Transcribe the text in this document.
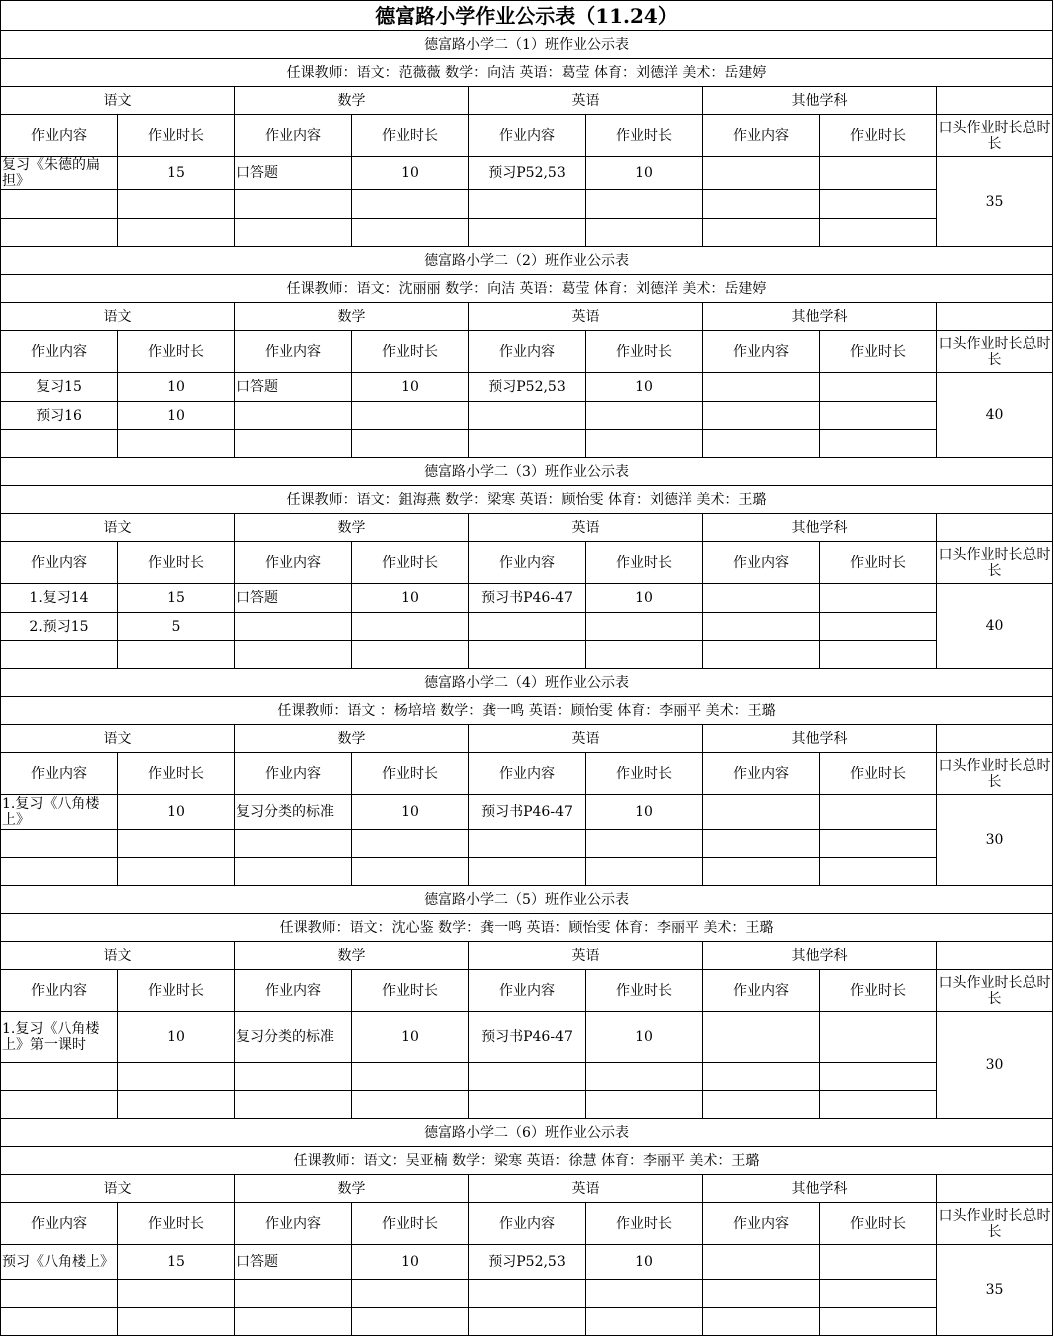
德富路小学作业公示表（11.24）								
德富路小学二（1）班作业公示表								
任课教师：语文：范薇薇 数学：向洁 英语：葛莹 体育：刘德洋 美术：岳建婷								
语文		数学		英语		其他学科		
作业内容	作业时长	作业内容	作业时长	作业内容	作业时长	作业内容	作业时长	口头作业时长总时长
复习《朱德的扁担》	15	口答题	10	预习P52,53	10			35

德富路小学二（2）班作业公示表								
任课教师：语文：沈丽丽 数学：向洁 英语：葛莹 体育：刘德洋 美术：岳建婷								
语文		数学		英语		其他学科		
作业内容	作业时长	作业内容	作业时长	作业内容	作业时长	作业内容	作业时长	口头作业时长总时长
复习15	10	口答题	10	预习P52,53	10			40
预习16	10							

德富路小学二（3）班作业公示表								
任课教师：语文：鉏海燕 数学：梁寒 英语：顾怡雯 体育：刘德洋 美术：王璐								
语文		数学		英语		其他学科		
作业内容	作业时长	作业内容	作业时长	作业内容	作业时长	作业内容	作业时长	口头作业时长总时长
1.复习14	15	口答题	10	预习书P46-47	10			40
2.预习15	5							

德富路小学二（4）班作业公示表								
任课教师：语文 ：杨培培 数学：龚一鸣 英语：顾怡雯 体育：李丽平 美术：王璐								
语文		数学		英语		其他学科		
作业内容	作业时长	作业内容	作业时长	作业内容	作业时长	作业内容	作业时长	口头作业时长总时长
1.复习《八角楼上》	10	复习分类的标准	10	预习书P46-47	10			30

德富路小学二（5）班作业公示表								
任课教师：语文：沈心鉴 数学：龚一鸣 英语：顾怡雯 体育：李丽平 美术：王璐								
语文		数学		英语		其他学科		
作业内容	作业时长	作业内容	作业时长	作业内容	作业时长	作业内容	作业时长	口头作业时长总时长
1.复习《八角楼上》第一课时	10	复习分类的标准	10	预习书P46-47	10			30

德富路小学二（6）班作业公示表								
任课教师：语文：吴亚楠 数学：梁寒 英语：徐慧 体育：李丽平 美术：王璐								
语文		数学		英语		其他学科		
作业内容	作业时长	作业内容	作业时长	作业内容	作业时长	作业内容	作业时长	口头作业时长总时长
预习《八角楼上》	15	口答题	10	预习P52,53	10			35
